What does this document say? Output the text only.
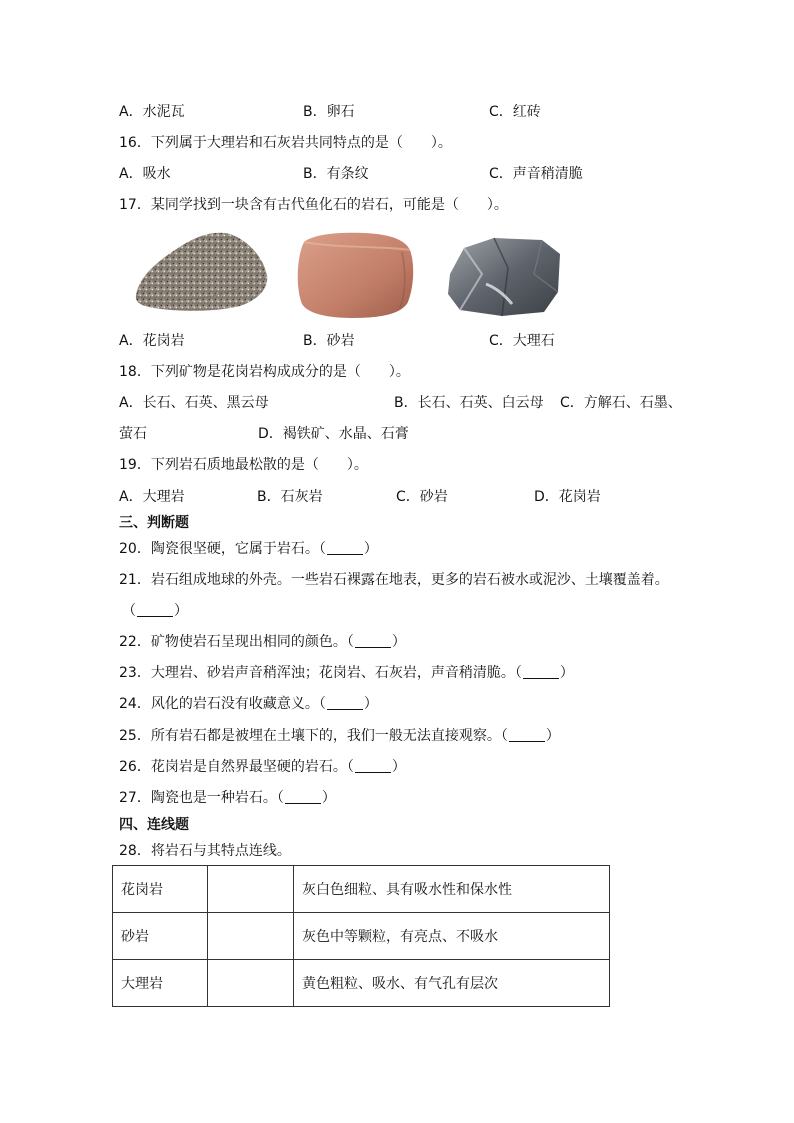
A．水泥瓦	B．卵石	C．红砖
16．下列属于大理岩和石灰岩共同特点的是（　　）。
A．吸水	B．有条纹	C．声音稍清脆
17．某同学找到一块含有古代鱼化石的岩石，可能是（　　）。
A．花岗岩	B．砂岩	C．大理石
18．下列矿物是花岗岩构成成分的是（　　）。
A．长石、石英、黑云母	B．长石、石英、白云母 C．方解石、石墨、
萤石	D．褐铁矿、水晶、石膏
19．下列岩石质地最松散的是（　　）。
A．大理岩	B．石灰岩	C．砂岩	D．花岗岩
三、判断题
20．陶瓷很坚硬，它属于岩石。（	）
21．岩石组成地球的外壳。一些岩石裸露在地表，更多的岩石被水或泥沙、土壤覆盖着。
（	）
22．矿物使岩石呈现出相同的颜色。（	）
23．大理岩、砂岩声音稍浑浊；花岗岩、石灰岩，声音稍清脆。（	）
24．风化的岩石没有收藏意义。（	）
25．所有岩石都是被埋在土壤下的，我们一般无法直接观察。（	）
26．花岗岩是自然界最坚硬的岩石。（	）
27．陶瓷也是一种岩石。（	）
四、连线题
28．将岩石与其特点连线。
花岗岩		灰白色细粒、具有吸水性和保水性
砂岩		灰色中等颗粒，有亮点、不吸水
大理岩		黄色粗粒、吸水、有气孔有层次
